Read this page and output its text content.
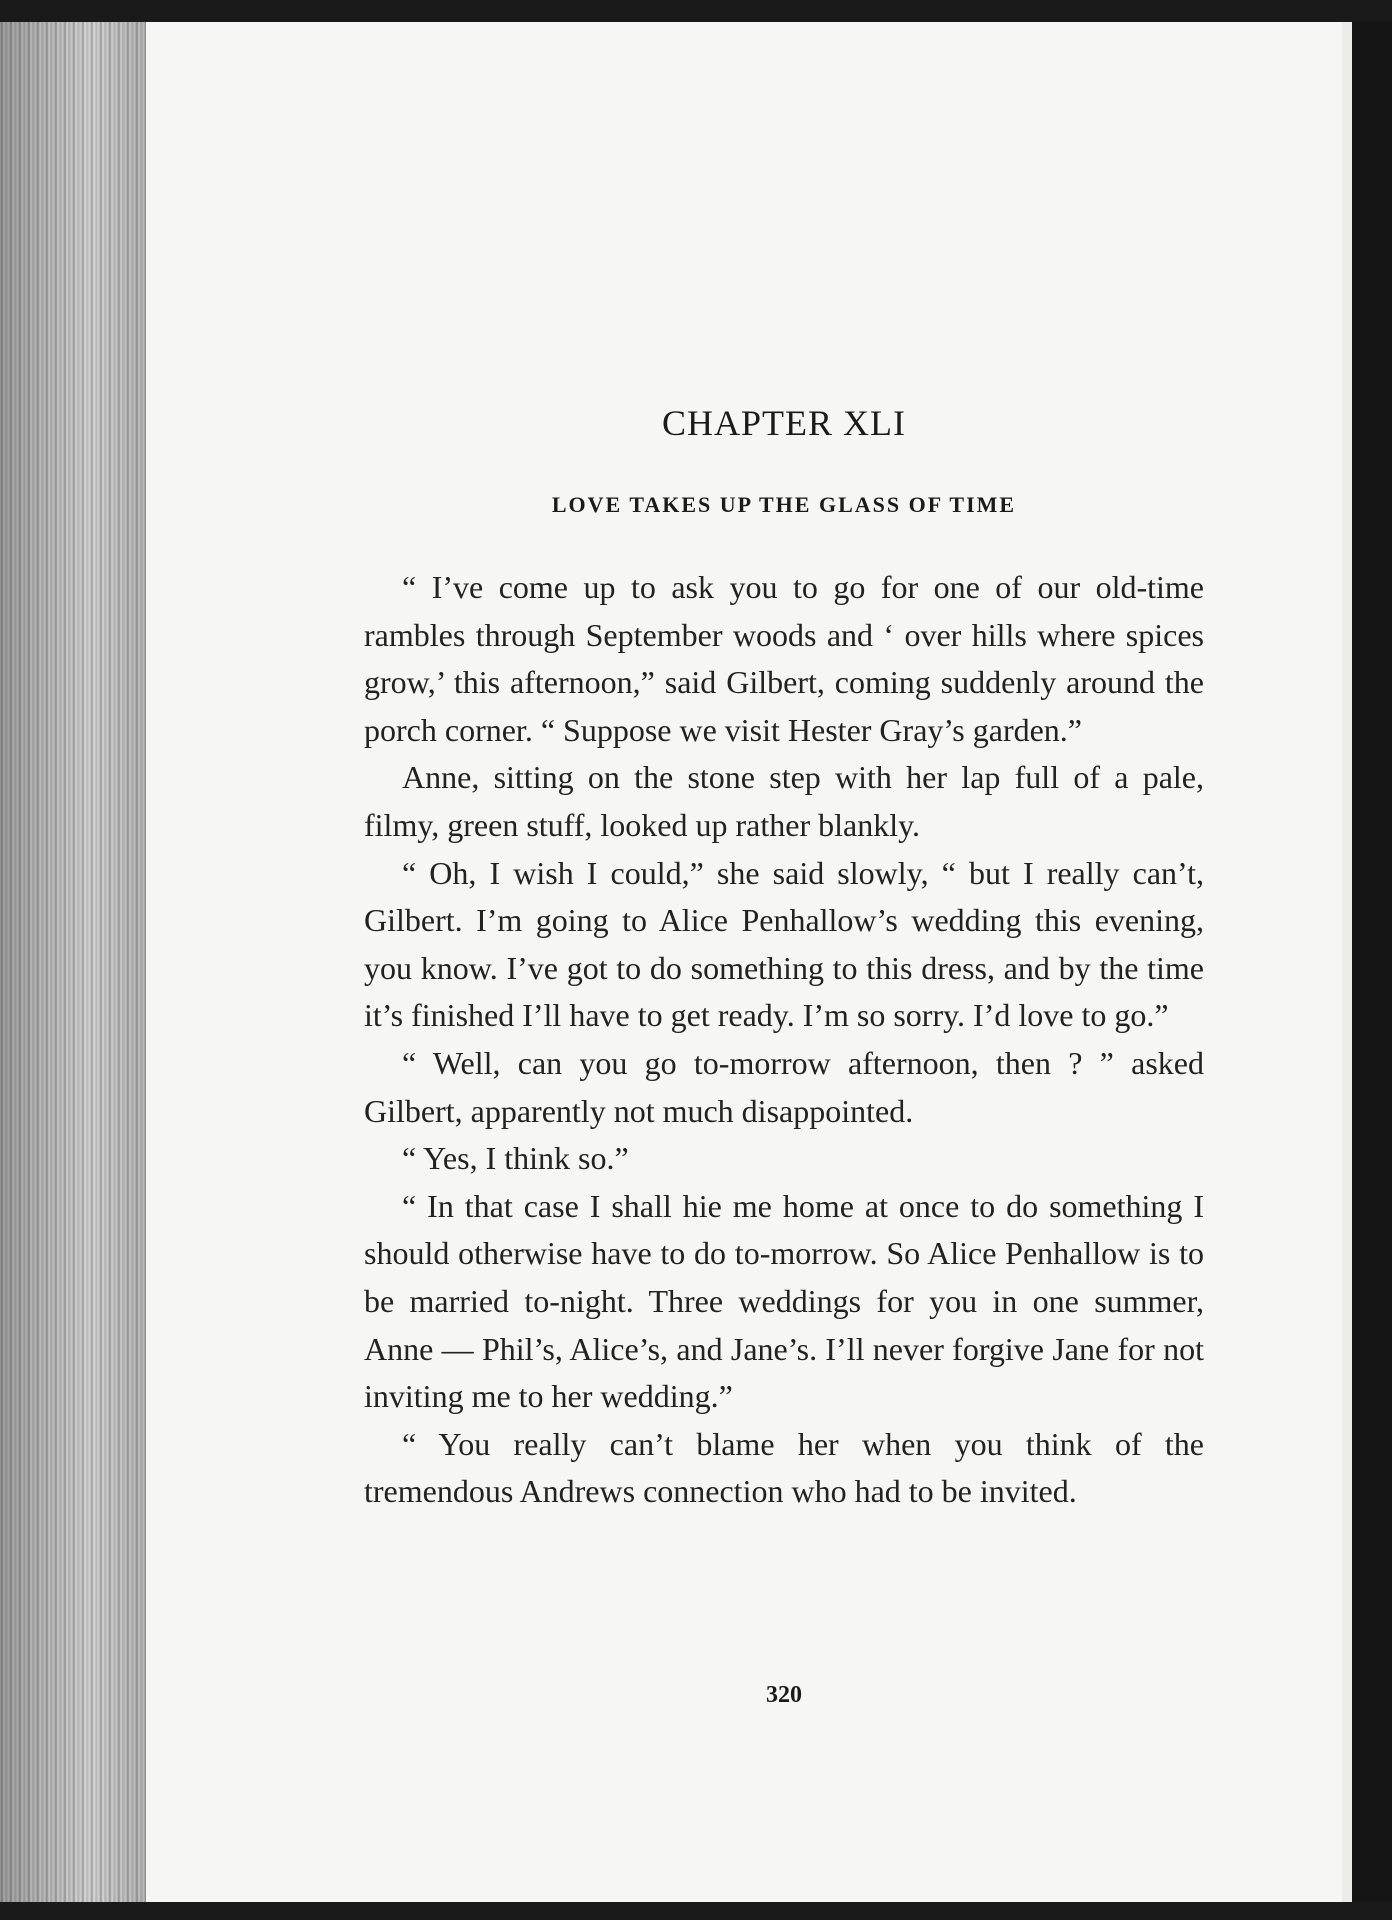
CHAPTER XLI
LOVE TAKES UP THE GLASS OF TIME

“ I’ve come up to ask you to go for one of our old-time rambles through September woods and ‘ over hills where spices grow,’ this afternoon,” said Gilbert, coming suddenly around the porch corner. “ Suppose we visit Hester Gray’s garden.”

Anne, sitting on the stone step with her lap full of a pale, filmy, green stuff, looked up rather blankly.

“ Oh, I wish I could,” she said slowly, “ but I really can’t, Gilbert. I’m going to Alice Penhallow’s wedding this evening, you know. I’ve got to do something to this dress, and by the time it’s finished I’ll have to get ready. I’m so sorry. I’d love to go.”

“ Well, can you go to-morrow afternoon, then ? ” asked Gilbert, apparently not much disappointed.

“ Yes, I think so.”

“ In that case I shall hie me home at once to do something I should otherwise have to do to-morrow. So Alice Penhallow is to be married to-night. Three weddings for you in one summer, Anne — Phil’s, Alice’s, and Jane’s. I’ll never forgive Jane for not inviting me to her wedding.”

“ You really can’t blame her when you think of the tremendous Andrews connection who had to be invited.

320
